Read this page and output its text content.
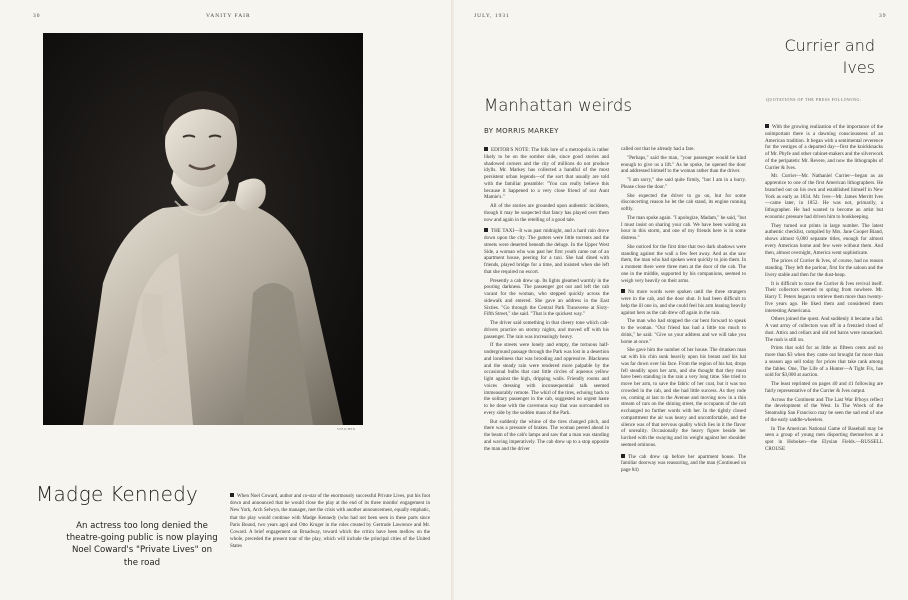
30	VANITY FAIR
STEICHEN
Madge Kennedy
An actress too long denied the theatre-going public is now playing Noel Coward's "Private Lives" on the road
When Noel Coward, author and co-star of the enormously successful Private Lives, put his foot down and announced that he would close the play at the end of its three months' engagement in New York, Arch Selwyn, the manager, met the crisis with another announcement, equally emphatic, that the play would continue with Madge Kennedy (who had not been seen in these parts since Paris Bound, two years ago) and Otto Kruger in the roles created by Gertrude Lawrence and Mr. Coward. A brief engagement on Broadway, toward which the critics have been mellow on the whole, preceded the present tour of the play, which will include the principal cities of the United States
JULY, 1931	39
Currier and Ives
QUOTATIONS OF THE PRESS FOLLOWING:
Manhattan weirds
BY MORRIS MARKEY

EDITOR'S NOTE: The folk lore of a metropolis is rather likely to be on the somber side, since good stories and shadowed corners and the city of millions do not produce idylls. Mr. Markey has collected a handful of the most persistent urban legends—of the sort that usually are told with the familiar preamble: "You can really believe this because it happened to a very close friend of our Aunt Mamie's."

All of the stories are grounded upon authentic incidents, though it may be suspected that fancy has played over them now and again in the retelling of a good tale.

THE TAXI—It was past midnight, and a hard rain drove down upon the city. The gutters were little torrents and the streets were deserted beneath the deluge. In the Upper West Side, a woman who was past her first youth came out of an apartment house, peering for a taxi. She had dined with friends, played bridge for a time, and insisted when she left that she required no escort.

Presently a cab drew up. Its lights gleamed warmly in the pouring darkness. The passenger got out and left the cab vacant for the woman, who stepped quickly across the sidewalk and entered. She gave an address in the East Sixties. "Go through the Central Park Transverse at Sixty-Fifth Street," she said. "That is the quickest way."

The driver said something in that cheery tone which cab-drivers practice on stormy nights, and moved off with his passenger. The rain was increasingly heavy.

If the streets were lonely and empty, the tortuous half-underground passage through the Park was lost in a desertion and loneliness that was brooding and oppressive. Blackness and the steady rain were rendered more palpable by the occasional bulbs that cast little circles of aqueous yellow light against the high, dripping walls. Friendly rooms and voices dressing with inconsequential talk seemed immeasurably remote. The whirl of the tires, echoing back to the solitary passenger in the cab, suggested no urgent haste to be done with the cavernous way that was surrounded on every side by the sodden mass of the Park.

But suddenly the whine of the tires changed pitch, and there was a pressure of brakes. The woman peered ahead in the beam of the cab's lamps and saw that a man was standing and waving imperatively. The cab drew up to a stop opposite the man and the driver

called out that he already had a fare.

"Perhaps," said the man, "your passenger would be kind enough to give us a lift." As he spoke, he opened the door and addressed himself to the woman rather than the driver.

"I am sorry," she said quite firmly, "but I am in a hurry. Please close the door."

She expected the driver to go on, but for some disconcerting reason he let the cab stand, its engine running softly.

The man spoke again. "I apologize, Madam," he said, "but I must insist on sharing your cab. We have been waiting an hour in this storm, and one of my friends here is in some distress."

She noticed for the first time that two dark shadows were standing against the wall a few feet away. And as she saw them, the man who had spoken went quickly to join them. In a moment there were three men at the door of the cab. The one in the middle, supported by his companions, seemed to weigh very heavily on their arms.

No more words were spoken until the three strangers were in the cab, and the door shut. It had been difficult to help the ill one in, and she could feel his arm leaning heavily against hers as the cab drew off again in the rain.

The man who had stopped the car bent forward to speak to the woman. "Our friend has had a little too much to drink," he said. "Give us your address and we will take you home at once."

She gave him the number of her house. The drunken man sat with his chin sunk heavily upon his breast and his hat was far down over his face. From the region of his hat, drops fell steadily upon her arm, and she thought that they must have been standing in the rain a very long time. She tried to move her arm, to save the fabric of her coat, but it was too crowded in the cab, and she had little success. As they rode on, coming at last to the Avenue and moving now in a thin stream of cars on the shining street, the occupants of the cab exchanged no further words with her. In the tightly closed compartment the air was heavy and uncomfortable, and the silence was of that nervous quality which lies in it the flavor of unreality. Occasionally the heavy figure beside her lurched with the swaying and its weight against her shoulder seemed ominous.

The cab drew up before her apartment house. The familiar doorway was reassuring, and the man (Continued on page 84)

With the growing realization of the importance of the unimportant there is a dawning consciousness of an American tradition. It began with a sentimental reverence for the vestiges of a departed day—first the knickknacks of Mr. Phyfe and other cabinet-makers and the silverwork of the peripatetic Mr. Revere, and now the lithographs of Currier & Ives.

Mr. Currier—Mr. Nathaniel Currier—began as an apprentice to one of the first American lithographers. He branched out on his own and established himself in New York as early as 1834. Mr. Ives—Mr. James Merritt Ives—came later, in 1852. He was not, primarily, a lithographer. He had wanted to become an artist but economic pressure had driven him to bookkeeping.

They turned out prints in large number. The latest authentic checklist, compiled by Mrs. Jane Cooper Bland, shows almost 6,000 separate titles, enough for almost every American home and few were without them. And then, almost overnight, America went sophisticate.

The prices of Currier & Ives, of course, had no reason standing. They left the parlour, first for the saloon and the livery stable and then for the dust-heap.

It is difficult to trace the Currier & Ives revival itself. Their collectors seemed to spring from nowhere. Mr. Harry T. Peters began to retrieve them more than twenty-five years ago. He liked them and considered them interesting Americana.

Others joined the quest. And suddenly it became a fad. A vast army of collectors was off in a frenzied cloud of dust. Attics and cellars and old red barns were ransacked. The rush is still on.

Prints that sold for as little as fifteen cents and no more than $3 when they came out brought far more than a season ago sell today for prices that take rank among the fables. One, The Life of a Hunter—A Tight Fix, has sold for $3,000 at auction.

The least reprinted on pages 40 and 41 following are fairly representative of the Currier & Ives output.

Across the Continent and The Last War B'hoys reflect the development of the West. In The Wreck of the Steamship San Francisco may be seen the sad end of one of the early saddle-wheelers.

In The American National Game of Baseball may be seen a group of young men disporting themselves at a spot in Hoboken—the Elysian Fields.—RUSSELL CROUSE
